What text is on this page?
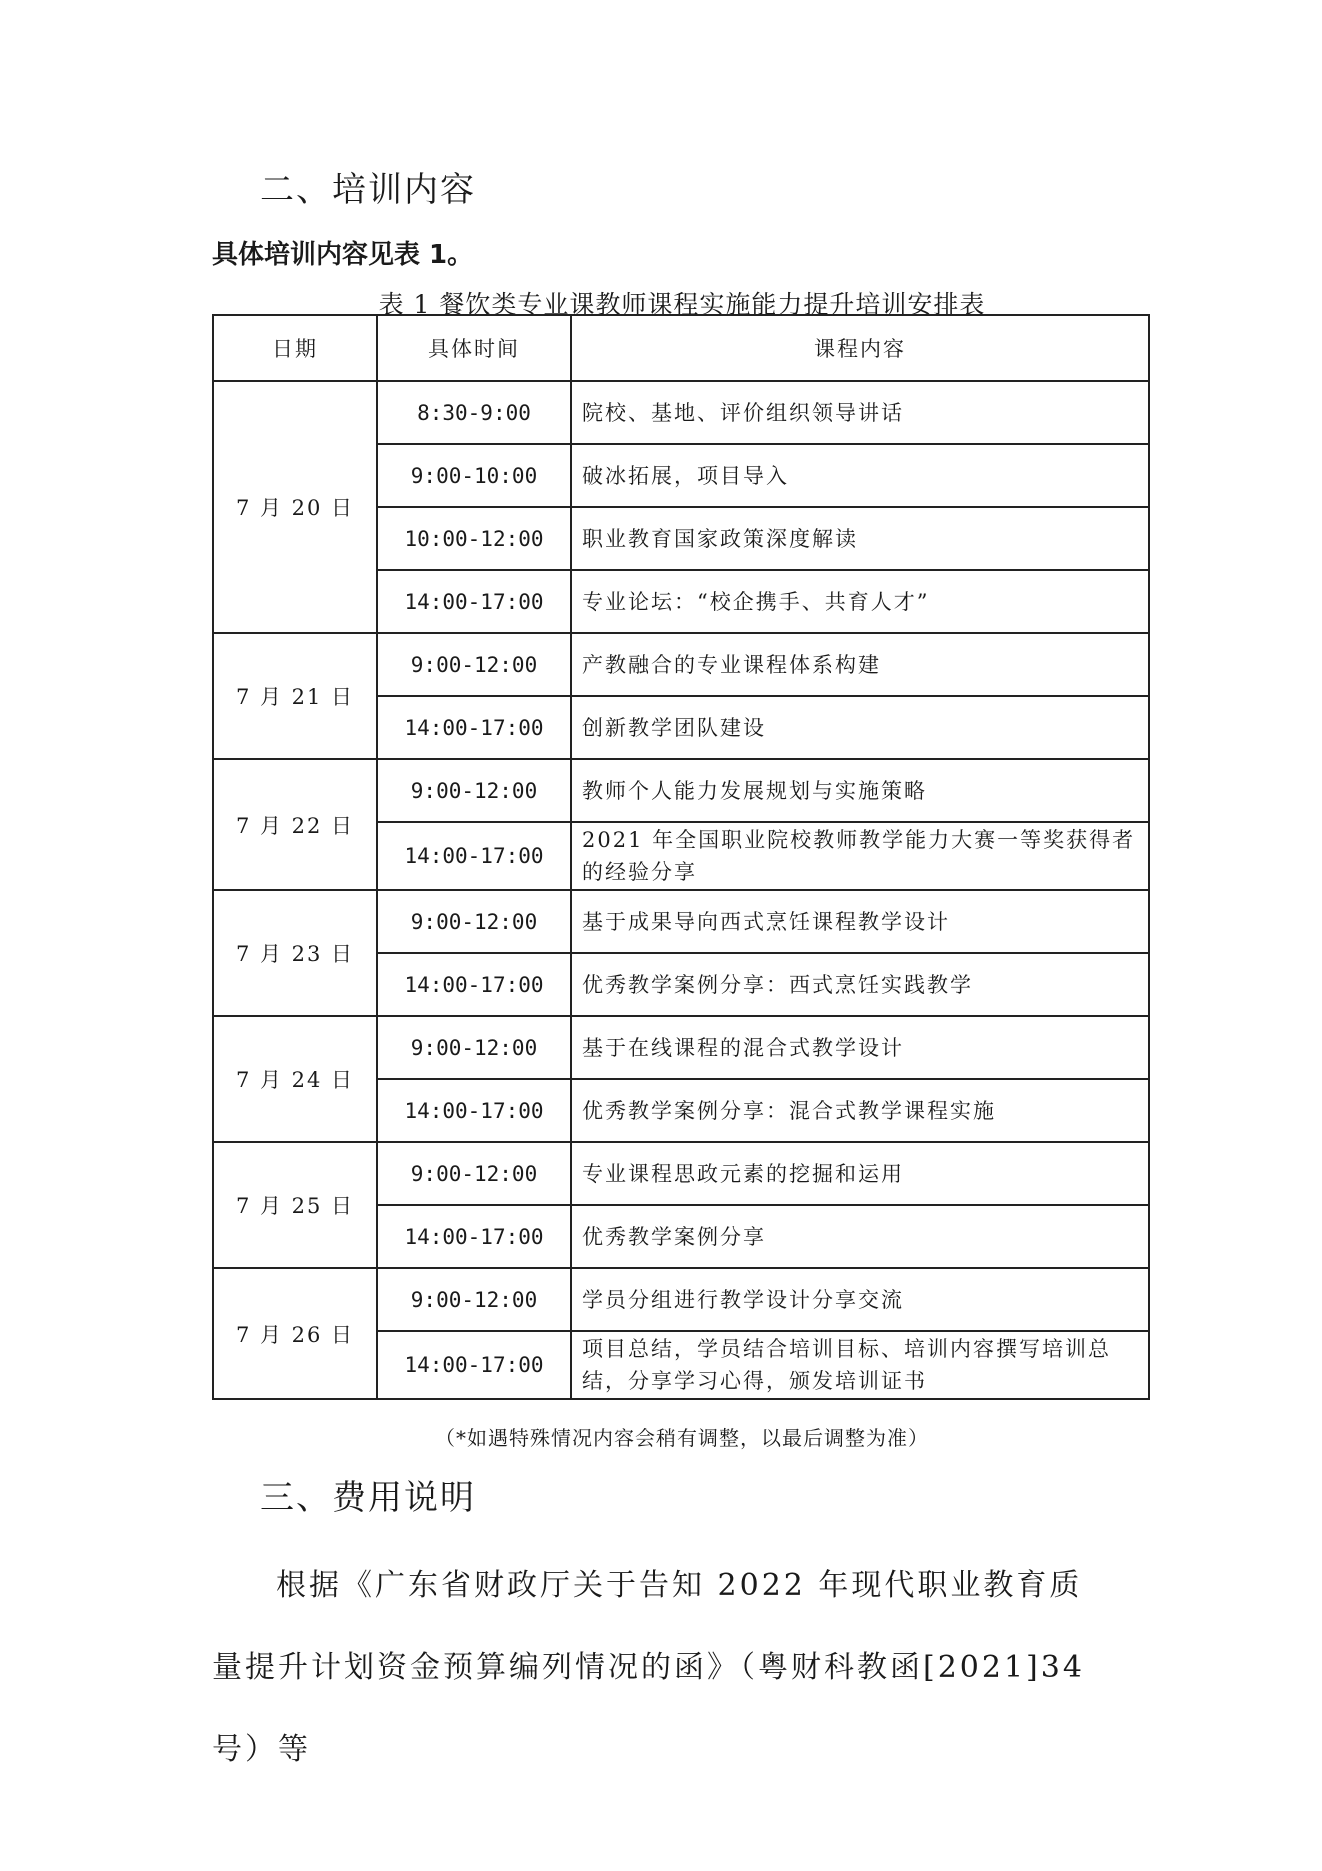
二、培训内容
具体培训内容见表 1。
表 1 餐饮类专业课教师课程实施能力提升培训安排表
日期	具体时间	课程内容
7 月 20 日	8:30-9:00	院校、基地、评价组织领导讲话
	9:00-10:00	破冰拓展，项目导入
	10:00-12:00	职业教育国家政策深度解读
	14:00-17:00	专业论坛：“校企携手、共育人才”
7 月 21 日	9:00-12:00	产教融合的专业课程体系构建
	14:00-17:00	创新教学团队建设
7 月 22 日	9:00-12:00	教师个人能力发展规划与实施策略
	14:00-17:00	2021 年全国职业院校教师教学能力大赛一等奖获得者的经验分享
7 月 23 日	9:00-12:00	基于成果导向西式烹饪课程教学设计
	14:00-17:00	优秀教学案例分享：西式烹饪实践教学
7 月 24 日	9:00-12:00	基于在线课程的混合式教学设计
	14:00-17:00	优秀教学案例分享：混合式教学课程实施
7 月 25 日	9:00-12:00	专业课程思政元素的挖掘和运用
	14:00-17:00	优秀教学案例分享
7 月 26 日	9:00-12:00	学员分组进行教学设计分享交流
	14:00-17:00	项目总结，学员结合培训目标、培训内容撰写培训总结，分享学习心得，颁发培训证书
（*如遇特殊情况内容会稍有调整，以最后调整为准）
三、费用说明
根据《广东省财政厅关于告知 2022 年现代职业教育质量提升计划资金预算编列情况的函》（粤财科教函[2021]34 号）等
